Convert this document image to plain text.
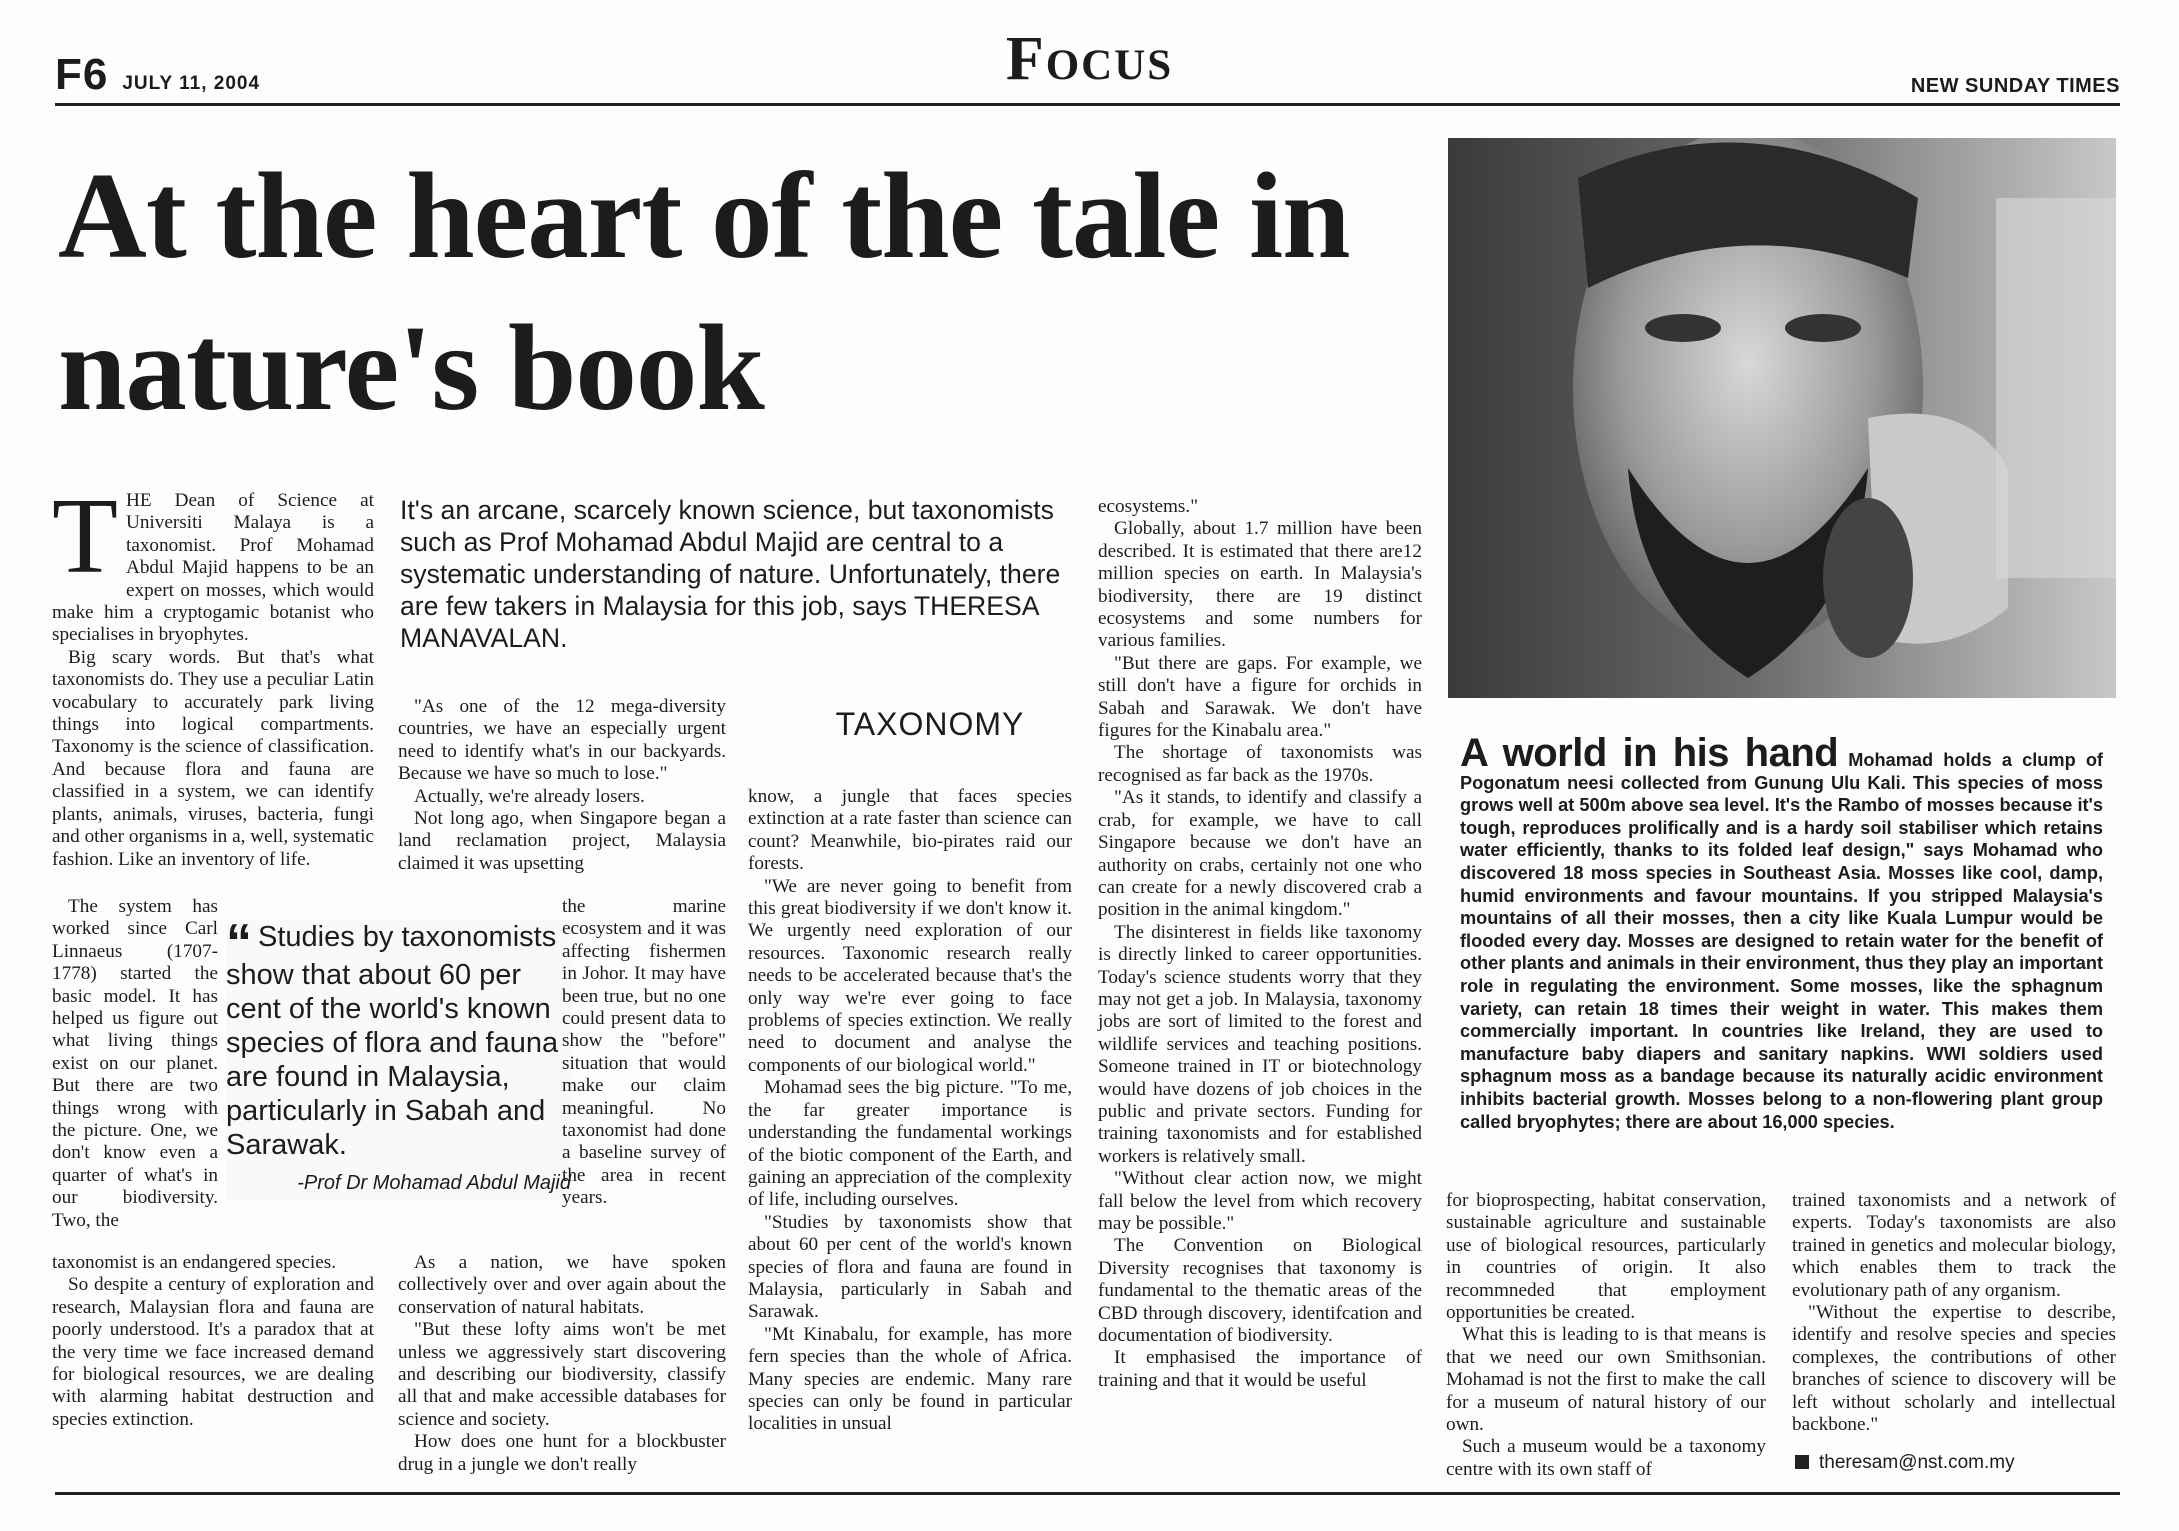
F6 JULY 11, 2004	Focus	NEW SUNDAY TIMES
At the heart of the tale in nature's book
A world in his hand Mohamad holds a clump of Pogonatum neesi collected from Gunung Ulu Kali. This species of moss grows well at 500m above sea level. It's the Rambo of mosses because it's tough, reproduces prolifically and is a hardy soil stabiliser which retains water efficiently, thanks to its folded leaf design," says Mohamad who discovered 18 moss species in Southeast Asia. Mosses like cool, damp, humid environments and favour mountains. If you stripped Malaysia's mountains of all their mosses, then a city like Kuala Lumpur would be flooded every day. Mosses are designed to retain water for the benefit of other plants and animals in their environment, thus they play an important role in regulating the environment. Some mosses, like the sphagnum variety, can retain 18 times their weight in water. This makes them commercially important. In countries like Ireland, they are used to manufacture baby diapers and sanitary napkins. WWI soldiers used sphagnum moss as a bandage because its naturally acidic environment inhibits bacterial growth. Mosses belong to a non-flowering plant group called bryophytes; there are about 16,000 species.
It's an arcane, scarcely known science, but taxonomists such as Prof Mohamad Abdul Majid are central to a systematic understanding of nature. Unfortunately, there are few takers in Malaysia for this job, says THERESA MANAVALAN.
TAXONOMY

THE Dean of Science at Universiti Malaya is a taxonomist. Prof Mohamad Abdul Majid happens to be an expert on mosses, which would make him a cryptogamic botanist who specialises in bryophytes.

Big scary words. But that's what taxonomists do. They use a peculiar Latin vocabulary to accurately park living things into logical compartments. Taxonomy is the science of classification. And because flora and fauna are classified in a system, we can identify plants, animals, viruses, bacteria, fungi and other organisms in a, well, systematic fashion. Like an inventory of life.

The system has worked since Carl Linnaeus (1707-1778) started the basic model. It has helped us figure out what living things exist on our planet. But there are two things wrong with the picture. One, we don't know even a quarter of what's in our biodiversity. Two, the

taxonomist is an endangered species.

So despite a century of exploration and research, Malaysian flora and fauna are poorly understood. It's a paradox that at the very time we face increased demand for biological resources, we are dealing with alarming habitat destruction and species extinction.

“ Studies by taxonomists show that about 60 per cent of the world's known species of flora and fauna are found in Malaysia, particularly in Sabah and Sarawak.
-Prof Dr Mohamad Abdul Majid

"As one of the 12 mega-diversity countries, we have an especially urgent need to identify what's in our backyards. Because we have so much to lose."

Actually, we're already losers.

Not long ago, when Singapore began a land reclamation project, Malaysia claimed it was upsetting

the marine ecosystem and it was affecting fishermen in Johor. It may have been true, but no one could present data to show the "before" situation that would make our claim meaningful. No taxonomist had done a baseline survey of the area in recent years.

As a nation, we have spoken collectively over and over again about the conservation of natural habitats.

"But these lofty aims won't be met unless we aggressively start discovering and describing our biodiversity, classify all that and make accessible databases for science and society.

How does one hunt for a blockbuster drug in a jungle we don't really

know, a jungle that faces species extinction at a rate faster than science can count? Meanwhile, bio-pirates raid our forests.

"We are never going to benefit from this great biodiversity if we don't know it. We urgently need exploration of our resources. Taxonomic research really needs to be accelerated because that's the only way we're ever going to face problems of species extinction. We really need to document and analyse the components of our biological world."

Mohamad sees the big picture. "To me, the far greater importance is understanding the fundamental workings of the biotic component of the Earth, and gaining an appreciation of the complexity of life, including ourselves.

"Studies by taxonomists show that about 60 per cent of the world's known species of flora and fauna are found in Malaysia, particularly in Sabah and Sarawak.

"Mt Kinabalu, for example, has more fern species than the whole of Africa. Many species are endemic. Many rare species can only be found in particular localities in unsual

ecosystems."

Globally, about 1.7 million have been described. It is estimated that there are12 million species on earth. In Malaysia's biodiversity, there are 19 distinct ecosystems and some numbers for various families.

"But there are gaps. For example, we still don't have a figure for orchids in Sabah and Sarawak. We don't have figures for the Kinabalu area."

The shortage of taxonomists was recognised as far back as the 1970s.

"As it stands, to identify and classify a crab, for example, we have to call Singapore because we don't have an authority on crabs, certainly not one who can create for a newly discovered crab a position in the animal kingdom."

The disinterest in fields like taxonomy is directly linked to career opportunities. Today's science students worry that they may not get a job. In Malaysia, taxonomy jobs are sort of limited to the forest and wildlife services and teaching positions. Someone trained in IT or biotechnology would have dozens of job choices in the public and private sectors. Funding for training taxonomists and for established workers is relatively small.

"Without clear action now, we might fall below the level from which recovery may be possible."

The Convention on Biological Diversity recognises that taxonomy is fundamental to the thematic areas of the CBD through discovery, identifcation and documentation of biodiversity.

It emphasised the importance of training and that it would be useful

for bioprospecting, habitat conservation, sustainable agriculture and sustainable use of biological resources, particularly in countries of origin. It also recommneded that employment opportunities be created.

What this is leading to is that means is that we need our own Smithsonian. Mohamad is not the first to make the call for a museum of natural history of our own.

Such a museum would be a taxonomy centre with its own staff of

trained taxonomists and a network of experts. Today's taxonomists are also trained in genetics and molecular biology, which enables them to track the evolutionary path of any organism.

"Without the expertise to describe, identify and resolve species and species complexes, the contributions of other branches of science to discovery will be left without scholarly and intellectual backbone."

theresam@nst.com.my
